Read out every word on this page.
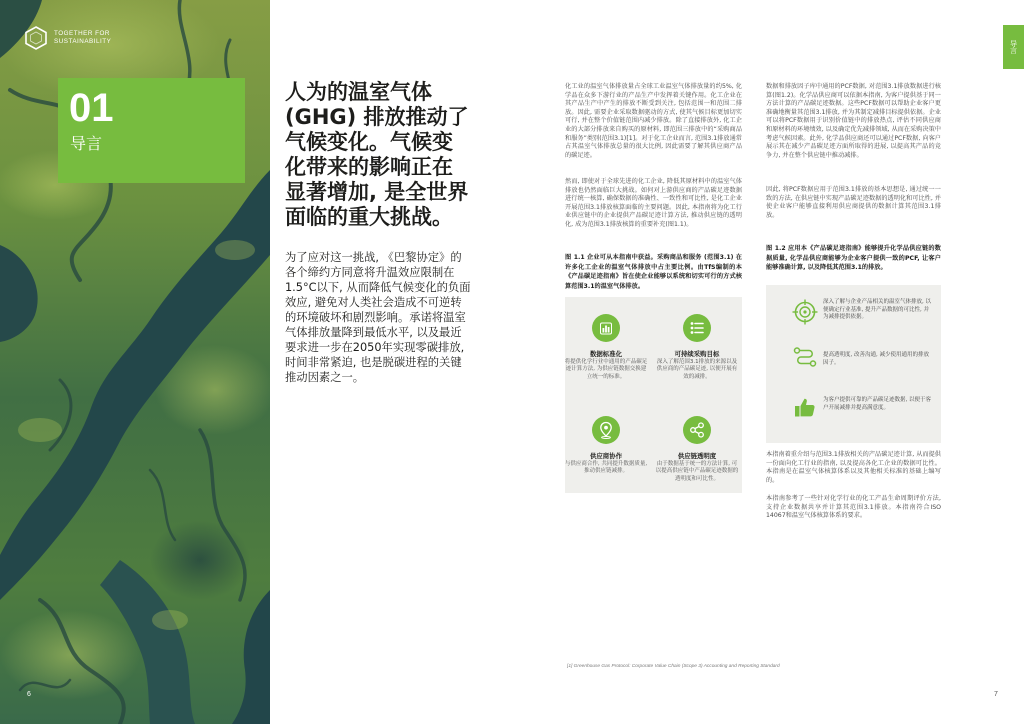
TOGETHER FOR
SUSTAINABILITY
01
导言
6
人为的温室气体
(GHG) 排放推动了
气候变化。气候变
化带来的影响正在
显著增加, 是全世界
面临的重大挑战。
为了应对这一挑战, 《巴黎协定》的
各个缔约方同意将升温效应限制在
1.5°C以下, 从而降低气候变化的负面
效应, 避免对人类社会造成不可逆转
的环境破坏和剧烈影响。承诺将温室
气体排放量降到最低水平, 以及最近
要求进一步在2050年实现零碳排放,
时间非常紧迫, 也是脱碳进程的关键
推动因素之一。
化工业的温室气体排放量占全球工业温室气体排放量的约5%, 化学品在众多下游行业的产品生产中发挥着关键作用。化工企业在其产品生产中产生的排放不断受到关注, 包括范围一和范围二排放。因此, 需要企业采取数据驱动的方式, 使其气候目标更加切实可行, 并在整个价值链范围内减少排放。除了直接排放外, 化工企业的大部分排放来自购买的原材料, 即范围三排放中的“采购商品和服务”类别(范围3.1)[1]。对于化工企业而言, 范围3.1排放通常占其温室气体排放总量的很大比例, 因此需要了解其供应商产品的碳足迹。
然而, 即使对于全球先进的化工企业, 降低其原材料中的温室气体排放也仍然面临巨大挑战。如何对上游供应商的产品碳足迹数据进行统一核算, 确保数据的准确性、一致性和可比性, 是化工企业开展范围3.1排放核算面临的主要问题。因此, 本指南将为化工行业供应链中的企业提供产品碳足迹计算方法, 推动供应链的透明化, 成为范围3.1排放核算的重要补充(图1.1)。
图 1.1 企业可从本指南中获益。采购商品和服务 (范围3.1) 在许多化工企业的温室气体排放中占主要比例。由TfS编制的本《产品碳足迹指南》旨在使企业能够以系统和切实可行的方式核算范围3.1的温室气体排放。
数据标准化
将提供化学行业中通用的产品碳足迹计算方法, 为供应链数据交换建立统一的标准。
可持续采购目标
深入了解范围3.1排放的来源以及供应商的产品碳足迹, 以便开展有效的减排。
供应商协作
与供应商合作, 共同提升数据质量, 推动供应链减排。
供应链透明度
由于数据基于统一的方法计算, 可以提高供应链中产品碳足迹数据的透明度和可比性。
数据和排放因子库中通用的PCF数据, 对范围3.1排放数据进行核算(图1.2)。化学品供应商可以依据本指南, 为客户提供基于同一方法计算的产品碳足迹数据。这些PCF数据可以帮助企业客户更准确地衡量其范围3.1排放, 并为其制定减排目标提供依据。企业可以将PCF数据用于识别价值链中的排放热点, 评估不同供应商和原材料的环境绩效, 以及确定优先减排领域, 从而在采购决策中考虑气候因素。此外, 化学品供应商还可以通过PCF数据, 向客户展示其在减少产品碳足迹方面所取得的进展, 以提高其产品的竞争力, 并在整个供应链中推动减排。
因此, 将PCF数据应用于范围3.1排放的基本思想是, 通过统一一致的方法, 在供应链中实现产品碳足迹数据的透明化和可比性, 并使企业客户能够直接利用供应商提供的数据计算其范围3.1排放。
图 1.2 应用本《产品碳足迹指南》能够提升化学品供应链的数据质量, 化学品供应商能够为企业客户提供一致的PCF, 让客户能够准确计算, 以及降低其范围3.1的排放。
深入了解与企业产品相关的温室气体排放, 以便确定行业基准, 提升产品数据的可比性, 并为减排提供依据。
提高透明度, 改善沟通, 减少使用通用的排放因子。
为客户提供可靠的产品碳足迹数据, 以便于客户开展减排并提高满意度。
本指南着重介绍与范围3.1排放相关的产品碳足迹计算, 从而提供一份面向化工行业的指南, 以及提高各化工企业的数据可比性。本指南是在温室气体核算体系以及其他相关标准的基础上编写的。
本指南参考了一些针对化学行业的化工产品生命周期评价方法, 支持企业数据共享并计算其范围3.1排放。本指南符合ISO 14067和温室气体核算体系的要求。
导言
[1] Greenhouse Gas Protocol: Corporate Value Chain (Scope 3) Accounting and Reporting Standard
7
